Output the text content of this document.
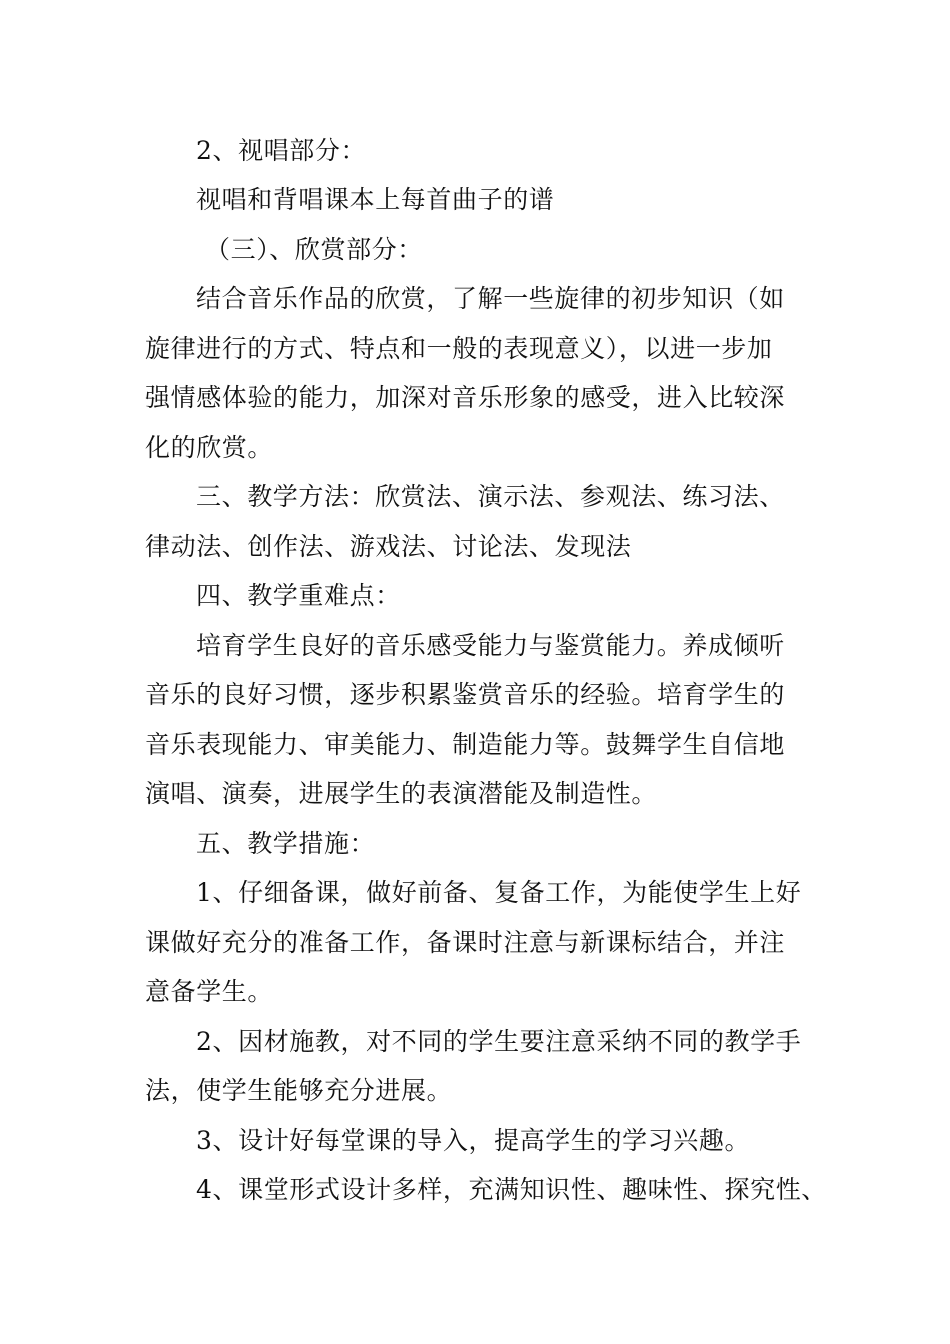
2、视唱部分：
视唱和背唱课本上每首曲子的谱
（三）、欣赏部分：
结合音乐作品的欣赏，了解一些旋律的初步知识（如
旋律进行的方式、特点和一般的表现意义），以进一步加
强情感体验的能力，加深对音乐形象的感受，进入比较深
化的欣赏。
三、教学方法：欣赏法、演示法、参观法、练习法、
律动法、创作法、游戏法、讨论法、发现法
四、教学重难点：
培育学生良好的音乐感受能力与鉴赏能力。养成倾听
音乐的良好习惯，逐步积累鉴赏音乐的经验。培育学生的
音乐表现能力、审美能力、制造能力等。鼓舞学生自信地
演唱、演奏，进展学生的表演潜能及制造性。
五、教学措施：
1、仔细备课，做好前备、复备工作，为能使学生上好
课做好充分的准备工作，备课时注意与新课标结合，并注
意备学生。
2、因材施教，对不同的学生要注意采纳不同的教学手
法，使学生能够充分进展。
3、设计好每堂课的导入，提高学生的学习兴趣。
4、课堂形式设计多样，充满知识性、趣味性、探究性、
